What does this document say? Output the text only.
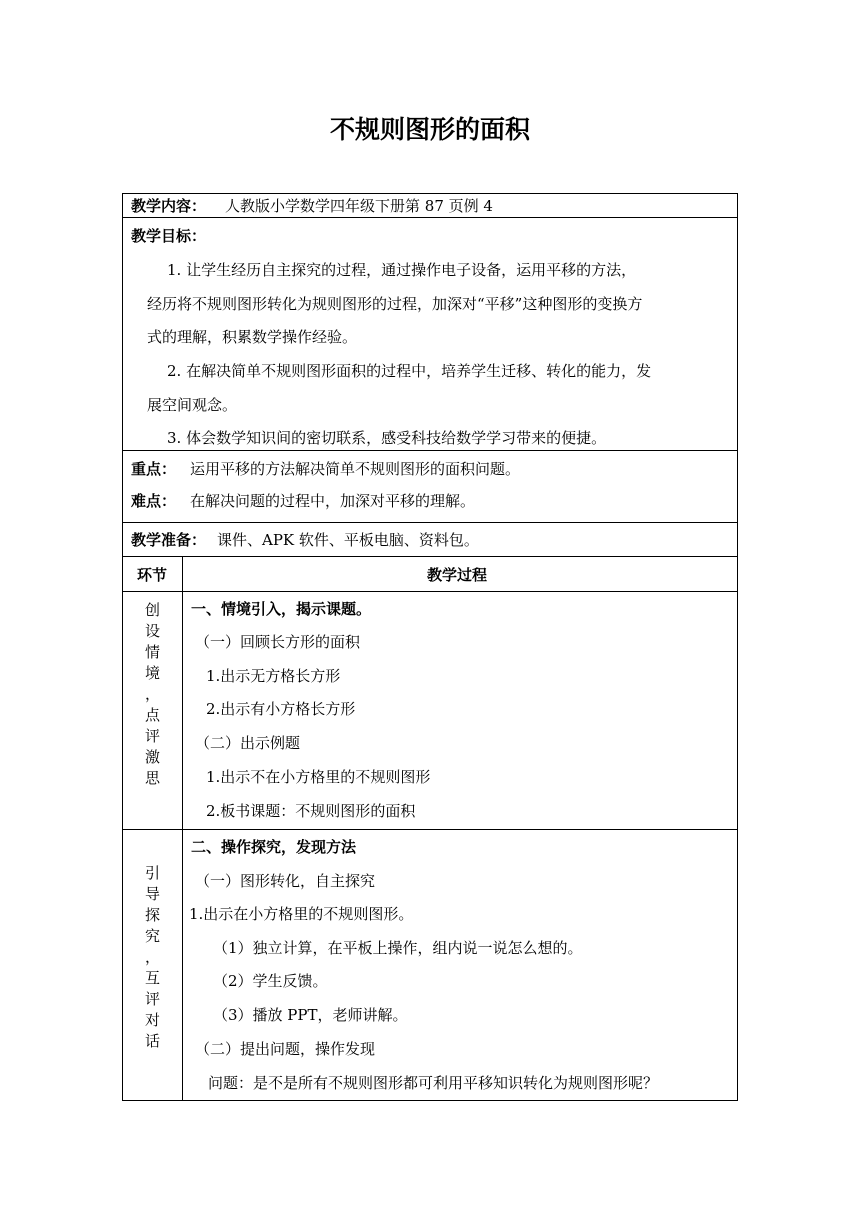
不规则图形的面积
教学内容： 人教版小学数学四年级下册第 87 页例 4
教学目标：
1. 让学生经历自主探究的过程，通过操作电子设备，运用平移的方法，
经历将不规则图形转化为规则图形的过程，加深对“平移”这种图形的变换方
式的理解，积累数学操作经验。
2. 在解决简单不规则图形面积的过程中，培养学生迁移、转化的能力，发
展空间观念。
3. 体会数学知识间的密切联系，感受科技给数学学习带来的便捷。
重点： 运用平移的方法解决简单不规则图形的面积问题。
难点： 在解决问题的过程中，加深对平移的理解。
教学准备： 课件、APK 软件、平板电脑、资料包。
环节	教学过程
创
设
情
境
，
点
评
激
思
一、情境引入，揭示课题。
（一）回顾长方形的面积
1.出示无方格长方形
2.出示有小方格长方形
（二）出示例题
1.出示不在小方格里的不规则图形
2.板书课题：不规则图形的面积
引
导
探
究
，
互
评
对
话
二、操作探究，发现方法
（一）图形转化，自主探究
1.出示在小方格里的不规则图形。
（1）独立计算，在平板上操作，组内说一说怎么想的。
（2）学生反馈。
（3）播放 PPT，老师讲解。
（二）提出问题，操作发现
问题：是不是所有不规则图形都可利用平移知识转化为规则图形呢？
